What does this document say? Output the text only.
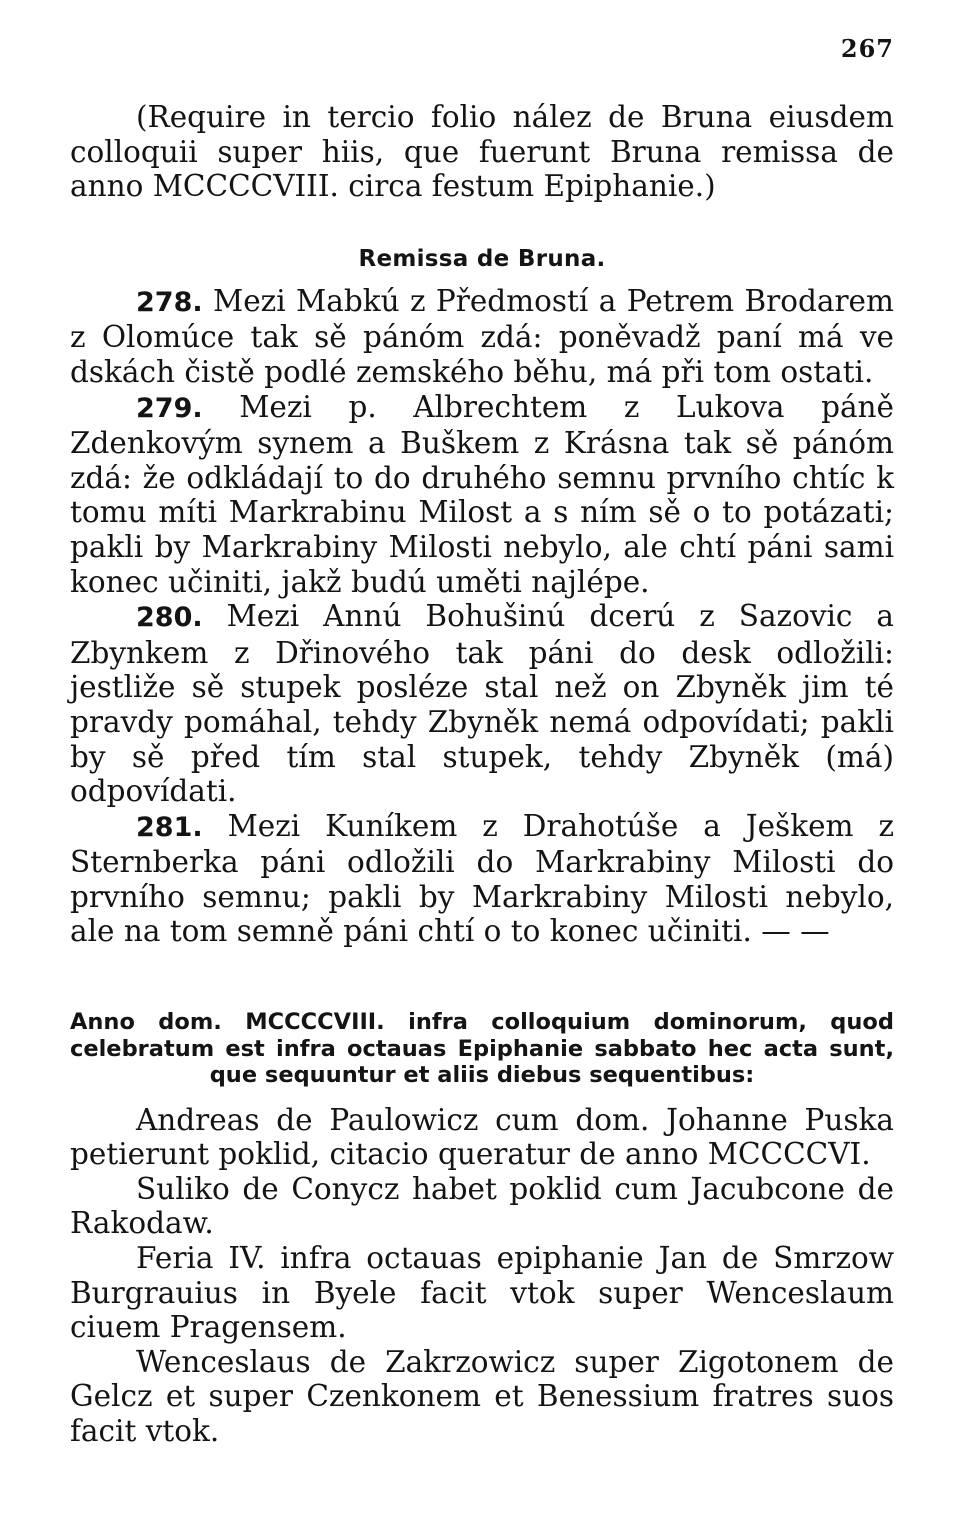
267

(Require in tercio folio nález de Bruna eiusdem colloquii super hiis, que fuerunt Bruna remissa de anno MCCCCVIII. circa festum Epiphanie.)

Remissa de Bruna.

278. Mezi Mabkú z Předmostí a Petrem Brodarem z Olomúce tak sě pánóm zdá: poněvadž paní má ve dskách čistě podlé zemského běhu, má při tom ostati.

279. Mezi p. Albrechtem z Lukova páně Zdenkovým synem a Buškem z Krásna tak sě pánóm zdá: že odkládají to do druhého semnu prvního chtíc k tomu míti Markrabinu Milost a s ním sě o to potázati; pakli by Markrabiny Milosti nebylo, ale chtí páni sami konec učiniti, jakž budú uměti najlépe.

280. Mezi Annú Bohušinú dcerú z Sazovic a Zbynkem z Dřinového tak páni do desk odložili: jestliže sě stupek posléze stal než on Zbyněk jim té pravdy pomáhal, tehdy Zbyněk nemá odpovídati; pakli by sě před tím stal stupek, tehdy Zbyněk (má) odpovídati.

281. Mezi Kuníkem z Drahotúše a Ješkem z Sternberka páni odložili do Markrabiny Milosti do prvního semnu; pakli by Markrabiny Milosti nebylo, ale na tom semně páni chtí o to konec učiniti. — —

Anno dom. MCCCCVIII. infra colloquium dominorum, quod celebratum est infra octauas Epiphanie sabbato hec acta sunt, que sequuntur et aliis diebus sequentibus:

Andreas de Paulowicz cum dom. Johanne Puska petierunt poklid, citacio queratur de anno MCCCCVI.

Suliko de Conycz habet poklid cum Jacubcone de Rakodaw.

Feria IV. infra octauas epiphanie Jan de Smrzow Burgrauius in Byele facit vtok super Wenceslaum ciuem Pragensem.

Wenceslaus de Zakrzowicz super Zigotonem de Gelcz et super Czenkonem et Benessium fratres suos facit vtok.
